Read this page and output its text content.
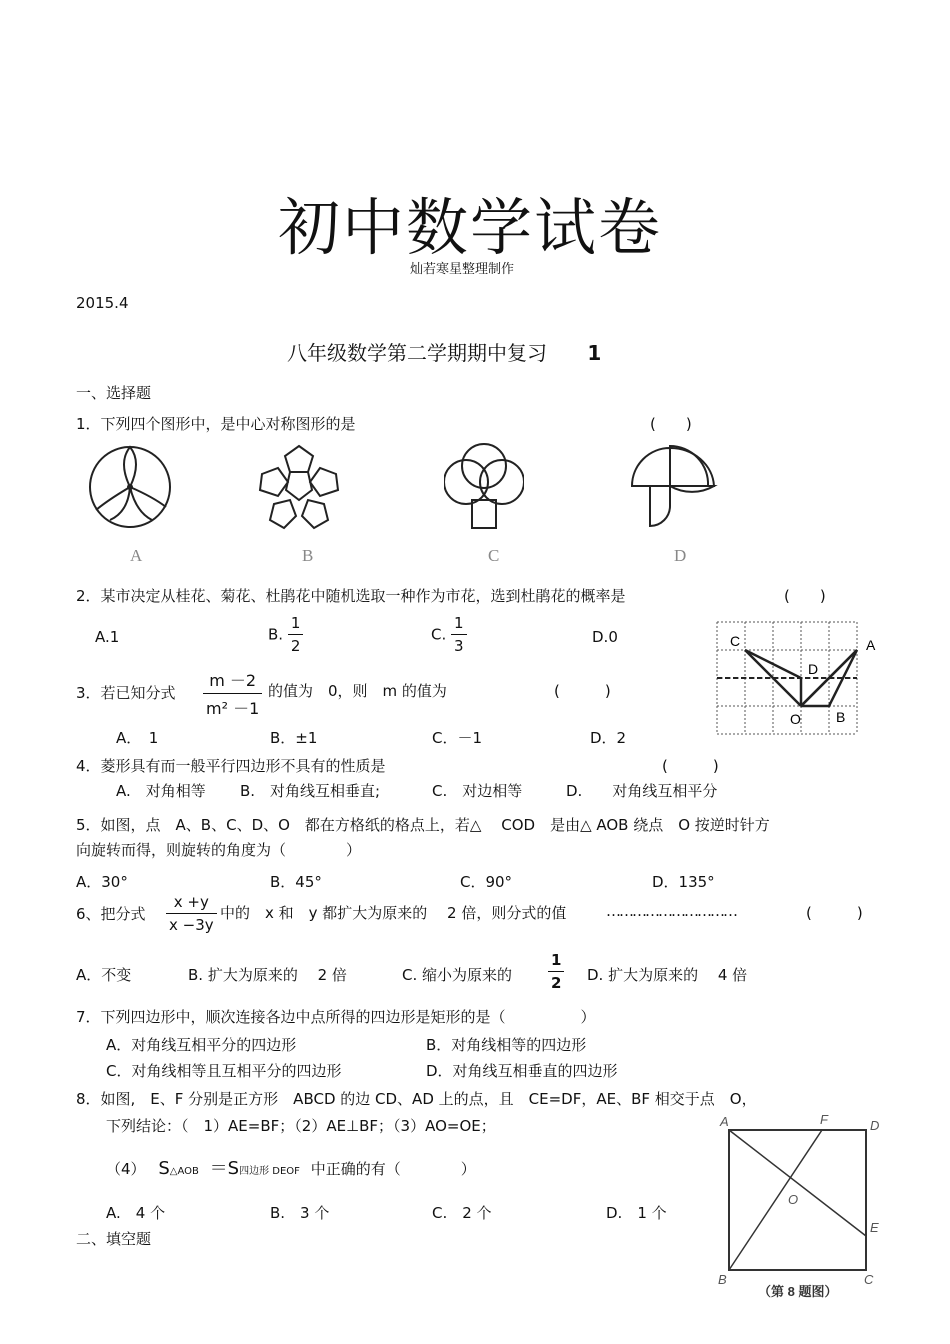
初中数学试卷
灿若寒星整理制作
2015.4
八年级数学第二学期期中复习 1
一、选择题
1．下列四个图形中，是中心对称图形的是	(　　)
A	B	C	D
2．某市决定从桂花、菊花、杜鹃花中随机选取一种作为市花，选到杜鹃花的概率是	(　　)
A.1	B. $\frac{1}{2}$	C. $\frac{1}{3}$	D.0	C	A
D
O	B
3．若已知分式 $\frac{m -2}{\text{m² －1}}$ 的值为　0，则　m 的值为	(　　　)
A．　1	B．±1	C．－1	D．2
4．菱形具有而一般平行四边形不具有的性质是	(　　　)
A.　对角相等 B.　对角线互相垂直;	C.　对边相等	D.　　对角线互相平分
5．如图，点　A、B、C、D、O　都在方格纸的格点上，若△　 COD　是由△ AOB 绕点　O 按逆时针方
向旋转而得，则旋转的角度为（　　　　）
A．30°	B．45°	C．90°	D．135°
6、把分式 $\frac{x +y}{x -3y}$ 中的　x 和　y 都扩大为原来的　 2 倍，则分式的值	…………………………	(　　　)
A．不变	B. 扩大为原来的　 2 倍	C. 缩小为原来的 $\frac{1}{2} D$. 扩大为原来的　 4 倍
7．下列四边形中，顺次连接各边中点所得的四边形是矩形的是（　　　　　）
A．对角线互相平分的四边形	B．对角线相等的四边形
C．对角线相等且互相平分的四边形	D．对角线互相垂直的四边形
8．如图,　E、F 分别是正方形　ABCD 的边 CD、AD 上的点，且　CE=DF，AE、BF 相交于点　O，
下列结论：（　1）AE=BF；（2）AE⊥BF；（3）AO=OE；
（4） S△AOB ＝S四边形 DEOF 中正确的有（　　　　）
A.　4 个	B.　3 个	C.　2 个	D.　1 个
二、填空题
A	F	D
E
O
B	C
（第 8 题图）
